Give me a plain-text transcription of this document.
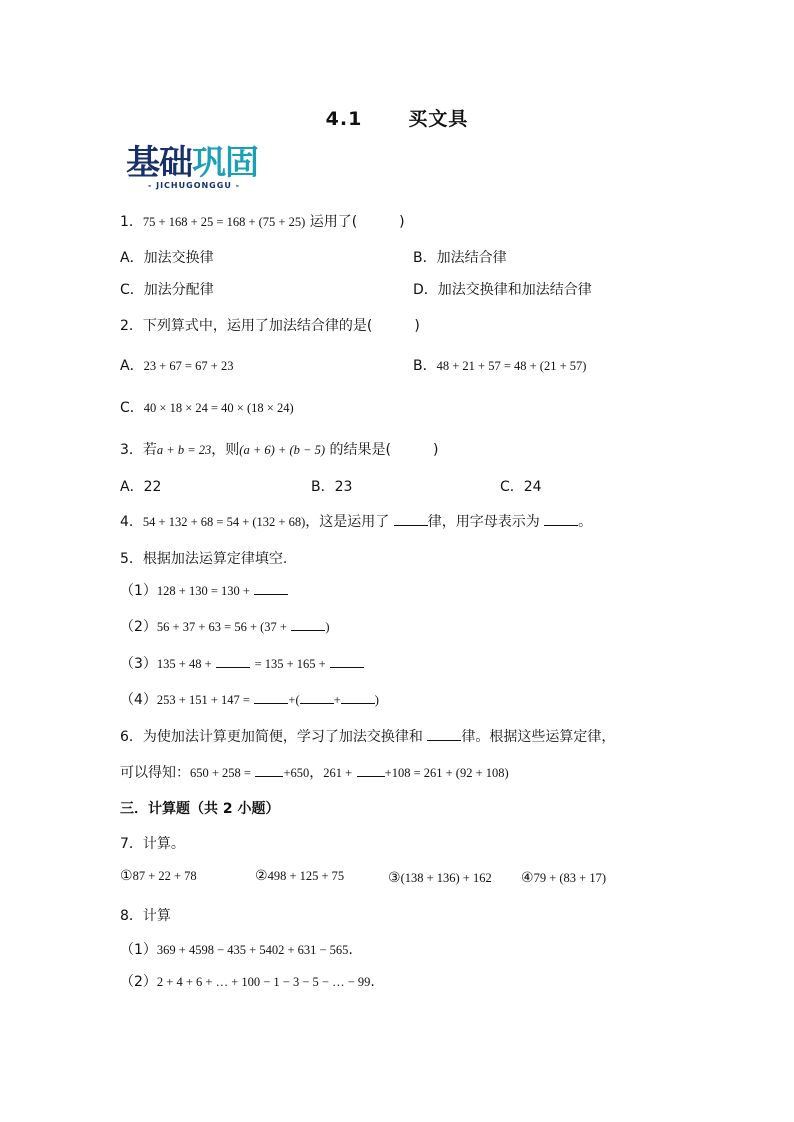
4.1 买文具
基础巩固
- JICHUGONGGU -
1．75 + 168 + 25 = 168 + (75 + 25) 运用了(	)
A．加法交换律	B．加法结合律
C．加法分配律	D．加法交换律和加法结合律
2．下列算式中，运用了加法结合律的是(	)
A．23 + 67 = 67 + 23	B．48 + 21 + 57 = 48 + (21 + 57)
C．40 × 18 × 24 = 40 × (18 × 24)
3．若a + b = 23，则(a + 6) + (b − 5) 的结果是(	)
A．22	B．23	C．24
4．54 + 132 + 68 = 54 + (132 + 68)，这是运用了	律，用字母表示为	。
5．根据加法运算定律填空.
（1）128 + 130 = 130 +
（2）56 + 37 + 63 = 56 + (37 +	)
（3）135 + 48 +	= 135 + 165 +
（4）253 + 151 + 147 =	+(	+	)
6．为使加法计算更加简便，学习了加法交换律和	律。根据这些运算定律，
可以得知：650 + 258 =	+650，261 +	+108 = 261 + (92 + 108)
三．计算题（共 2 小题）
7．计算。
①87 + 22 + 78	②498 + 125 + 75	③(138 + 136) + 162 ④79 + (83 + 17)
8．计算
（1）369 + 4598 − 435 + 5402 + 631 − 565.
（2）2 + 4 + 6 + … + 100 − 1 − 3 − 5 − … − 99.
